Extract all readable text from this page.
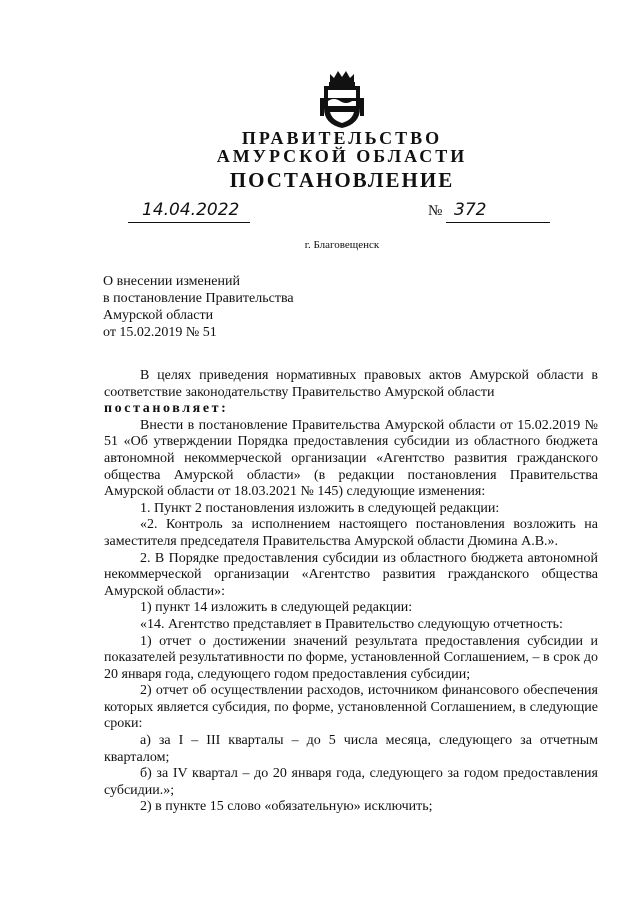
ПРАВИТЕЛЬСТВО
АМУРСКОЙ ОБЛАСТИ
ПОСТАНОВЛЕНИЕ
14.04.2022	№ 372
г. Благовещенск
О внесении изменений
в постановление Правительства
Амурской области
от 15.02.2019 № 51

В целях приведения нормативных правовых актов Амурской области в соответствие законодательству Правительство Амурской области

постановляет:

Внести в постановление Правительства Амурской области от 15.02.2019 № 51 «Об утверждении Порядка предоставления субсидии из областного бюджета автономной некоммерческой организации «Агентство развития гражданского общества Амурской области» (в редакции постановления Правительства Амурской области от 18.03.2021 № 145) следующие изменения:

1. Пункт 2 постановления изложить в следующей редакции:

«2. Контроль за исполнением настоящего постановления возложить на заместителя председателя Правительства Амурской области Дюмина А.В.».

2. В Порядке предоставления субсидии из областного бюджета автономной некоммерческой организации «Агентство развития гражданского общества Амурской области»:

1) пункт 14 изложить в следующей редакции:

«14. Агентство представляет в Правительство следующую отчетность:

1) отчет о достижении значений результата предоставления субсидии и показателей результативности по форме, установленной Соглашением, – в срок до 20 января года, следующего годом предоставления субсидии;

2) отчет об осуществлении расходов, источником финансового обеспечения которых является субсидия, по форме, установленной Соглашением, в следующие сроки:

а) за I – III кварталы – до 5 числа месяца, следующего за отчетным кварталом;

б) за IV квартал – до 20 января года, следующего за годом предоставления субсидии.»;

2) в пункте 15 слово «обязательную» исключить;
